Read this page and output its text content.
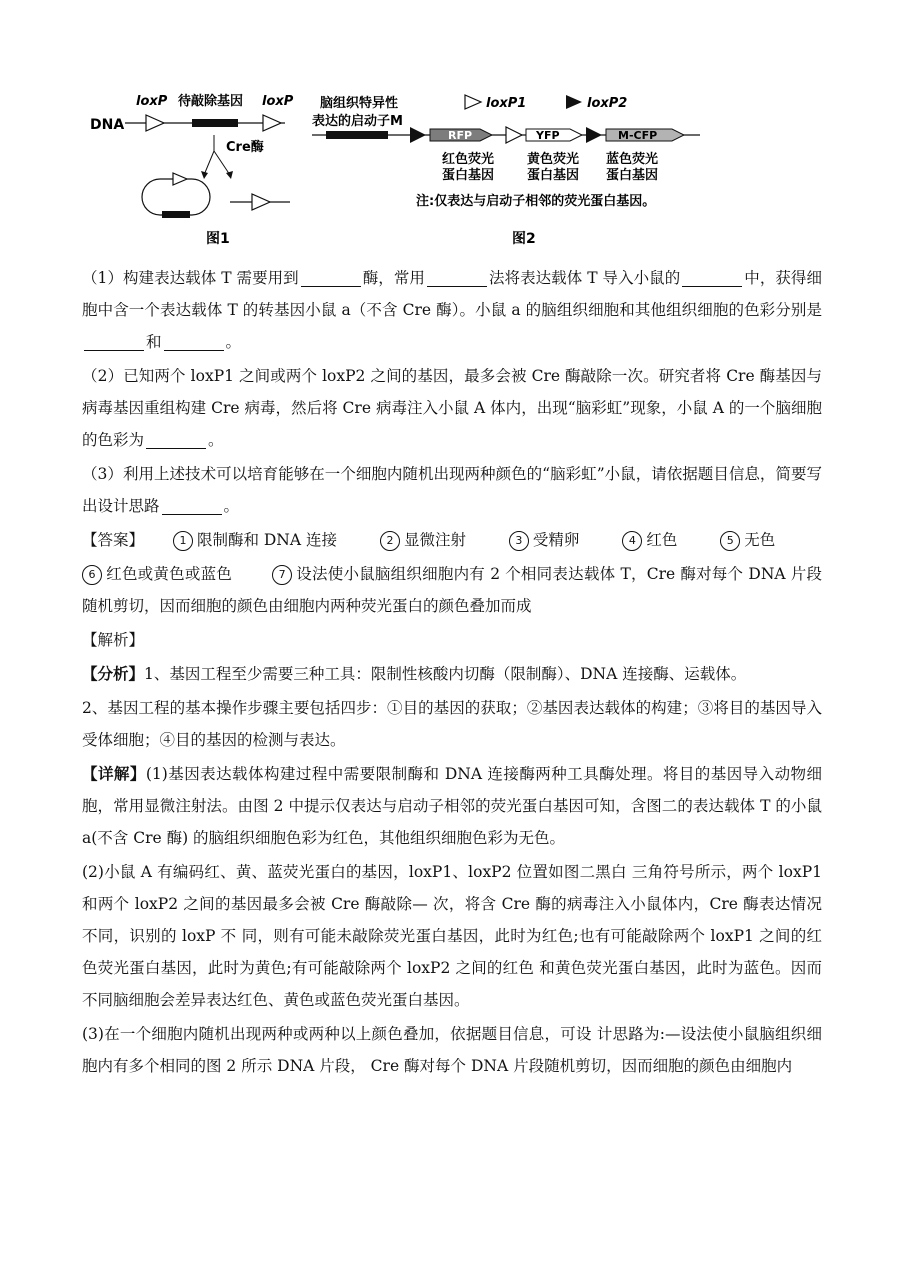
DNA
loxP 待敲除基因 loxP
Cre酶
图1
脑组织特异性
表达的启动子M
RFP	YFP	M-CFP
loxP1	loxP2
红色荧光
蛋白基因
黄色荧光
蛋白基因
蓝色荧光
蛋白基因
注:仅表达与启动子相邻的荧光蛋白基因。
图2

（1）构建表达载体 T 需要用到	酶，常用	法将表达载体 T 导入小鼠的	中，获得细胞中含一个表达载体 T 的转基因小鼠 a（不含 Cre 酶）。小鼠 a 的脑组织细胞和其他组织细胞的色彩分别是和	。

（2）已知两个 loxP1 之间或两个 loxP2 之间的基因，最多会被 Cre 酶敲除一次。研究者将 Cre 酶基因与病毒基因重组构建 Cre 病毒，然后将 Cre 病毒注入小鼠 A 体内，出现“脑彩虹”现象，小鼠 A 的一个脑细胞的色彩为	。

（3）利用上述技术可以培育能够在一个细胞内随机出现两种颜色的“脑彩虹”小鼠，请依据题目信息，简要写出设计思路	。

【答案】	1 限制酶和 DNA 连接	2 显微注射	3 受精卵	4 红色	5 无色

6 红色或黄色或蓝色	7 设法使小鼠脑组织细胞内有 2 个相同表达载体 T，Cre 酶对每个 DNA 片段随机剪切，因而细胞的颜色由细胞内两种荧光蛋白的颜色叠加而成

【解析】

【分析】1、基因工程至少需要三种工具：限制性核酸内切酶（限制酶）、DNA 连接酶、运载体。

2、基因工程的基本操作步骤主要包括四步：①目的基因的获取；②基因表达载体的构建；③将目的基因导入受体细胞；④目的基因的检测与表达。

【详解】(1)基因表达载体构建过程中需要限制酶和 DNA 连接酶两种工具酶处理。将目的基因导入动物细胞，常用显微注射法。由图 2 中提示仅表达与启动子相邻的荧光蛋白基因可知，含图二的表达载体 T 的小鼠 a(不含 Cre 酶) 的脑组织细胞色彩为红色，其他组织细胞色彩为无色。

(2)小鼠 A 有编码红、黄、蓝荧光蛋白的基因，loxP1、loxP2 位置如图二黑白 三角符号所示，两个 loxP1 和两个 loxP2 之间的基因最多会被 Cre 酶敲除— 次，将含 Cre 酶的病毒注入小鼠体内，Cre 酶表达情况不同，识别的 loxP 不 同，则有可能未敲除荧光蛋白基因，此时为红色;也有可能敲除两个 loxP1 之间的红色荧光蛋白基因，此时为黄色;有可能敲除两个 loxP2 之间的红色 和黄色荧光蛋白基因，此时为蓝色。因而不同脑细胞会差异表达红色、黄色或蓝色荧光蛋白基因。

(3)在一个细胞内随机出现两种或两种以上颜色叠加，依据题目信息，可设 计思路为:—设法使小鼠脑组织细胞内有多个相同的图 2 所示 DNA 片段， Cre 酶对每个 DNA 片段随机剪切，因而细胞的颜色由细胞内
